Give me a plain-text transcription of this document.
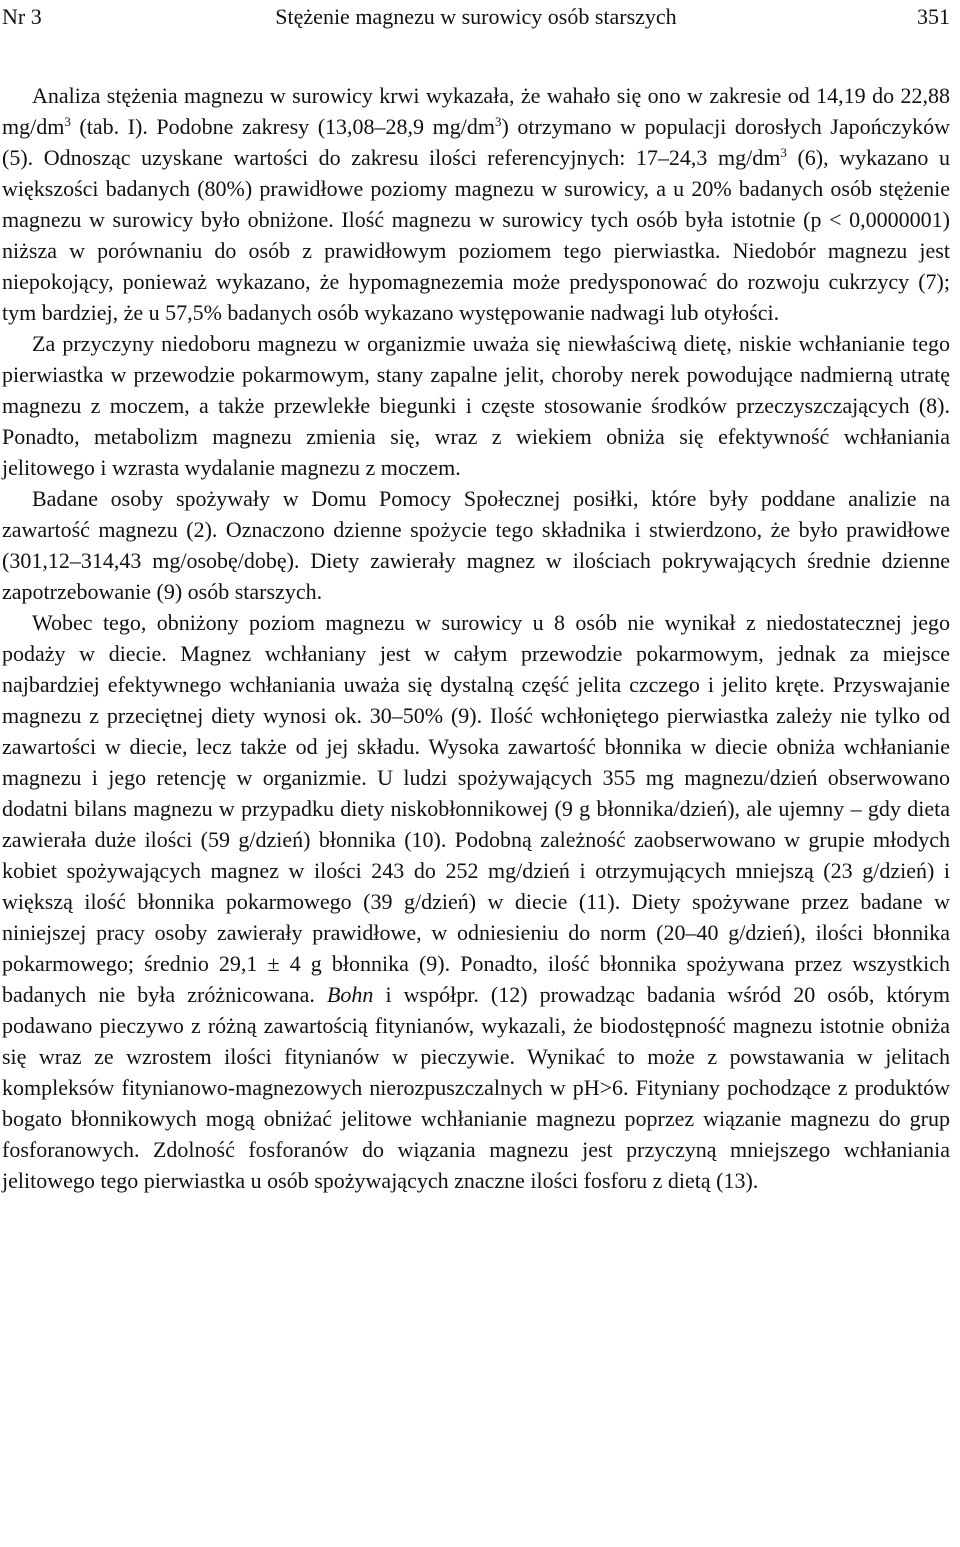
Nr 3	Stężenie magnezu w surowicy osób starszych	351

Analiza stężenia magnezu w surowicy krwi wykazała, że wahało się ono w zakresie od 14,19 do 22,88 $mg/dm^3$ (tab. I). Podobne zakresy (13,08–28,9 $mg/dm^3$) otrzymano w populacji dorosłych Japończyków (5). Odnosząc uzyskane wartości do zakresu ilości referencyjnych: 17–24,3 $mg/dm^3$ (6), wykazano u większości badanych (80%) prawidłowe poziomy magnezu w surowicy, a u 20% badanych osób stężenie magnezu w surowicy było obniżone. Ilość magnezu w surowicy tych osób była istotnie (p < 0,0000001) niższa w porównaniu do osób z prawidłowym poziomem tego pierwiastka. Niedobór magnezu jest niepokojący, ponieważ wykazano, że hypomagnezemia może predysponować do rozwoju cukrzycy (7); tym bardziej, że u 57,5% badanych osób wykazano występowanie nadwagi lub otyłości.

Za przyczyny niedoboru magnezu w organizmie uważa się niewłaściwą dietę, niskie wchłanianie tego pierwiastka w przewodzie pokarmowym, stany zapalne jelit, choroby nerek powodujące nadmierną utratę magnezu z moczem, a także przewlekłe biegunki i częste stosowanie środków przeczyszczających (8). Ponadto, metabolizm magnezu zmienia się, wraz z wiekiem obniża się efektywność wchłaniania jelitowego i wzrasta wydalanie magnezu z moczem.

Badane osoby spożywały w Domu Pomocy Społecznej posiłki, które były poddane analizie na zawartość magnezu (2). Oznaczono dzienne spożycie tego składnika i stwierdzono, że było prawidłowe (301,12–314,43 mg/osobę/dobę). Diety zawierały magnez w ilościach pokrywających średnie dzienne zapotrzebowanie (9) osób starszych.

Wobec tego, obniżony poziom magnezu w surowicy u 8 osób nie wynikał z niedostatecznej jego podaży w diecie. Magnez wchłaniany jest w całym przewodzie pokarmowym, jednak za miejsce najbardziej efektywnego wchłaniania uważa się dystalną część jelita czczego i jelito kręte. Przyswajanie magnezu z przeciętnej diety wynosi ok. 30–50% (9). Ilość wchłoniętego pierwiastka zależy nie tylko od zawartości w diecie, lecz także od jej składu. Wysoka zawartość błonnika w diecie obniża wchłanianie magnezu i jego retencję w organizmie. U ludzi spożywających 355 mg magnezu/dzień obserwowano dodatni bilans magnezu w przypadku diety niskobłonnikowej (9 g błonnika/dzień), ale ujemny – gdy dieta zawierała duże ilości (59 g/dzień) błonnika (10). Podobną zależność zaobserwowano w grupie młodych kobiet spożywających magnez w ilości 243 do 252 mg/dzień i otrzymujących mniejszą (23 g/dzień) i większą ilość błonnika pokarmowego (39 g/dzień) w diecie (11). Diety spożywane przez badane w niniejszej pracy osoby zawierały prawidłowe, w odniesieniu do norm (20–40 g/dzień), ilości błonnika pokarmowego; średnio 29,1 ± 4 g błonnika (9). Ponadto, ilość błonnika spożywana przez wszystkich badanych nie była zróżnicowana. Bohn i współpr. (12) prowadząc badania wśród 20 osób, którym podawano pieczywo z różną zawartością fitynianów, wykazali, że biodostępność magnezu istotnie obniża się wraz ze wzrostem ilości fitynianów w pieczywie. Wynikać to może z powstawania w jelitach kompleksów fitynianowo-magnezowych nierozpuszczalnych w pH>6. Fityniany pochodzące z produktów bogato błonnikowych mogą obniżać jelitowe wchłanianie magnezu poprzez wiązanie magnezu do grup fosforanowych. Zdolność fosforanów do wiązania magnezu jest przyczyną mniejszego wchłaniania jelitowego tego pierwiastka u osób spożywających znaczne ilości fosforu z dietą (13).
